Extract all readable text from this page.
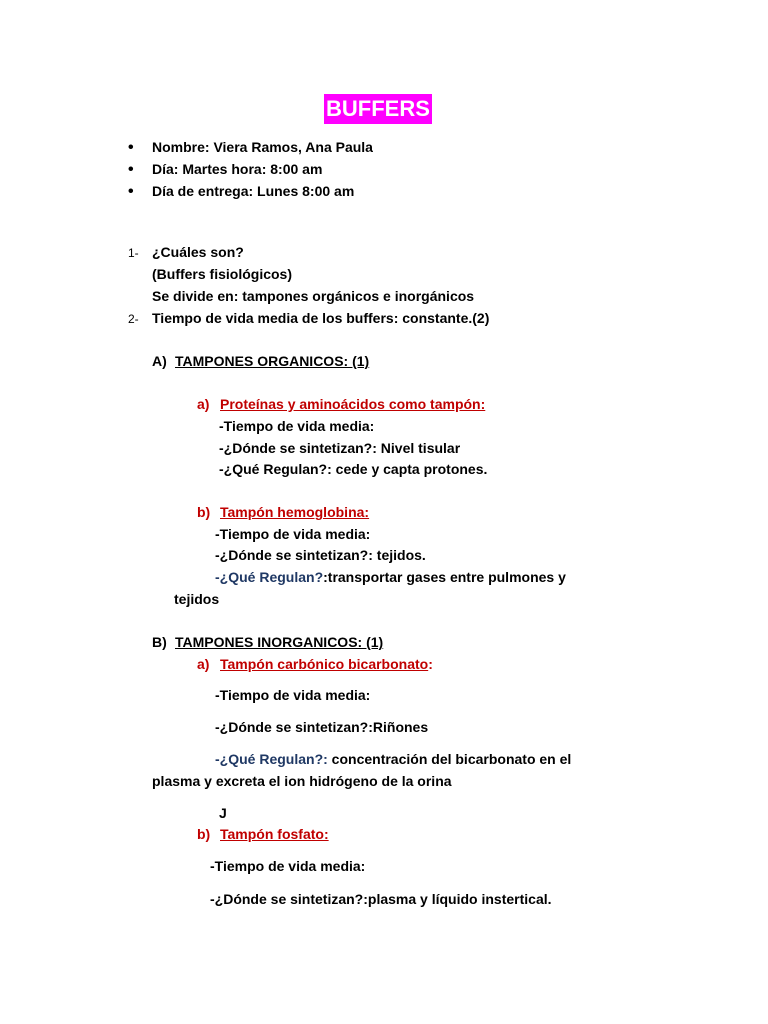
BUFFERS
• Nombre: Viera Ramos, Ana Paula
• Día: Martes hora: 8:00 am
• Día de entrega: Lunes 8:00 am
1- ¿Cuáles son?
(Buffers fisiológicos)
Se divide en: tampones orgánicos e inorgánicos
2- Tiempo de vida media de los buffers: constante.(2)
A) TAMPONES ORGANICOS: (1)
a) Proteínas y aminoácidos como tampón:
-Tiempo de vida media:
-¿Dónde se sintetizan?: Nivel tisular
-¿Qué Regulan?: cede y capta protones.
b) Tampón hemoglobina:
-Tiempo de vida media:
-¿Dónde se sintetizan?: tejidos.
-¿Qué Regulan?:transportar gases entre pulmones y
tejidos
B) TAMPONES INORGANICOS: (1)
a) Tampón carbónico bicarbonato:
-Tiempo de vida media:
-¿Dónde se sintetizan?:Riñones
-¿Qué Regulan?: concentración del bicarbonato en el
plasma y excreta el ion hidrógeno de la orina
J
b) Tampón fosfato:
-Tiempo de vida media:
-¿Dónde se sintetizan?:plasma y líquido instertical.
